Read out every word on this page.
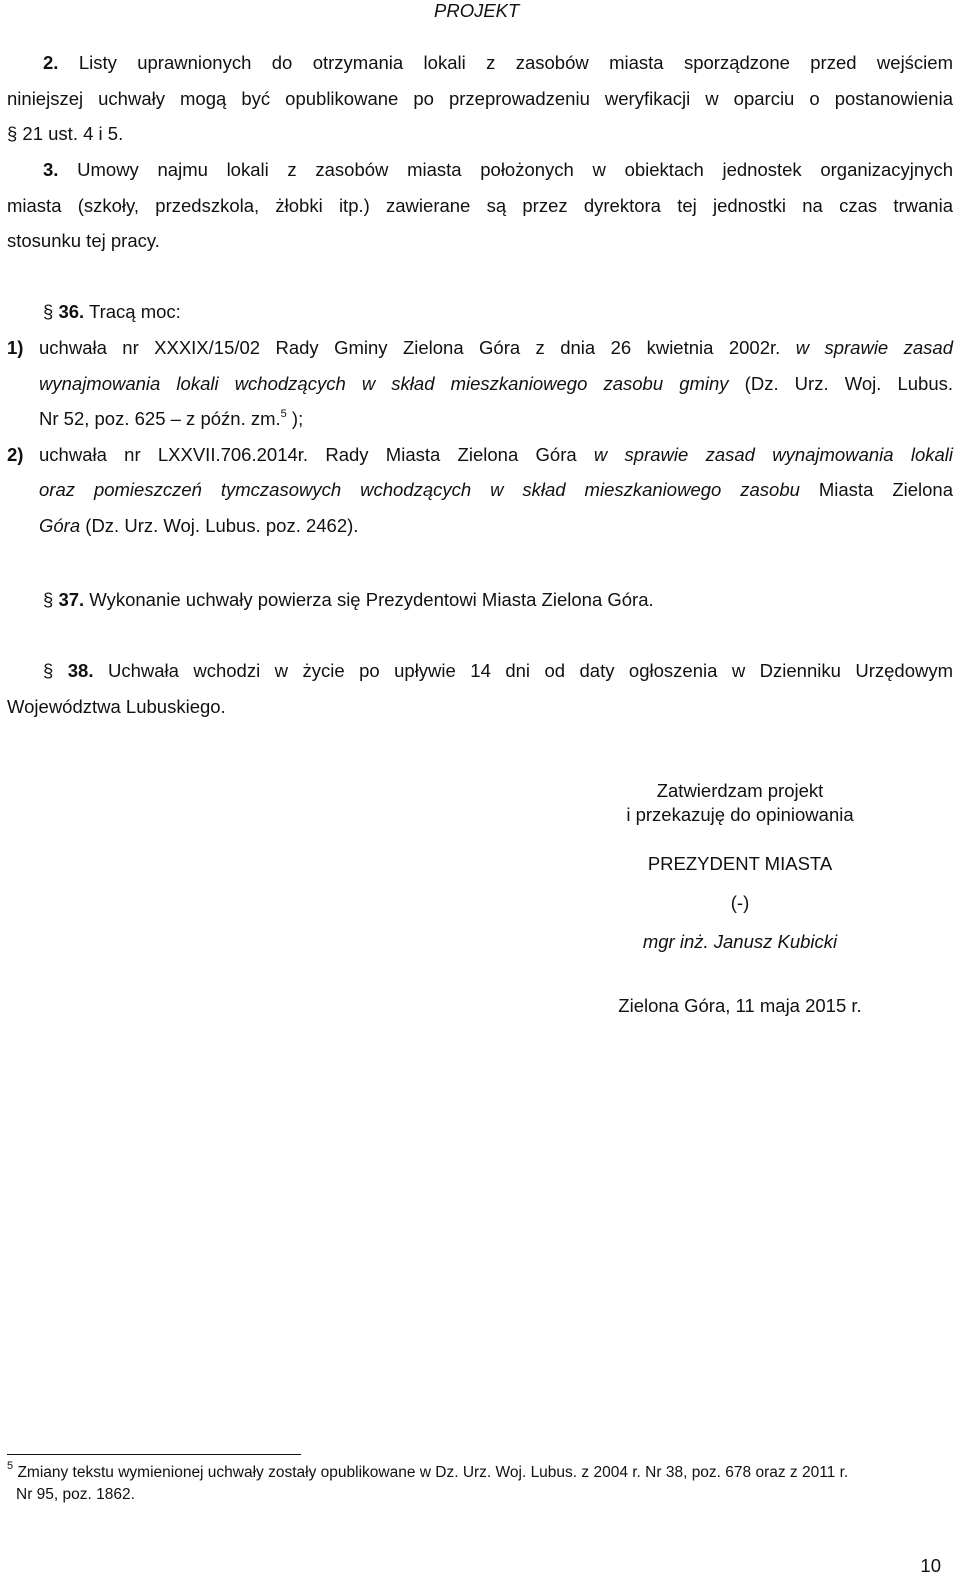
PROJEKT
2. Listy uprawnionych do otrzymania lokali z zasobów miasta sporządzone przed wejściem
niniejszej uchwały mogą być opublikowane po przeprowadzeniu weryfikacji w oparciu o postanowienia
§ 21 ust. 4 i 5.
3. Umowy najmu lokali z zasobów miasta położonych w obiektach jednostek organizacyjnych
miasta (szkoły, przedszkola, żłobki itp.) zawierane są przez dyrektora tej jednostki na czas trwania
stosunku tej pracy.
§ 36. Tracą moc:
1) uchwała nr XXXIX/15/02 Rady Gminy Zielona Góra z dnia 26 kwietnia 2002r. w sprawie zasad
wynajmowania lokali wchodzących w skład mieszkaniowego zasobu gminy (Dz. Urz. Woj. Lubus.
Nr 52, poz. 625 – z późn. zm.$^5$ );
2) uchwała nr LXXVII.706.2014r. Rady Miasta Zielona Góra w sprawie zasad wynajmowania lokali
oraz pomieszczeń tymczasowych wchodzących w skład mieszkaniowego zasobu Miasta Zielona
Góra (Dz. Urz. Woj. Lubus. poz. 2462).
§ 37. Wykonanie uchwały powierza się Prezydentowi Miasta Zielona Góra.
§ 38. Uchwała wchodzi w życie po upływie 14 dni od daty ogłoszenia w Dzienniku Urzędowym
Województwa Lubuskiego.
Zatwierdzam projekt
i przekazuję do opiniowania
PREZYDENT MIASTA
(-)
mgr inż. Janusz Kubicki
Zielona Góra, 11 maja 2015 r.
$^5$ Zmiany tekstu wymienionej uchwały zostały opublikowane w Dz. Urz. Woj. Lubus. z 2004 r. Nr 38, poz. 678 oraz z 2011 r.
Nr 95, poz. 1862.
10
